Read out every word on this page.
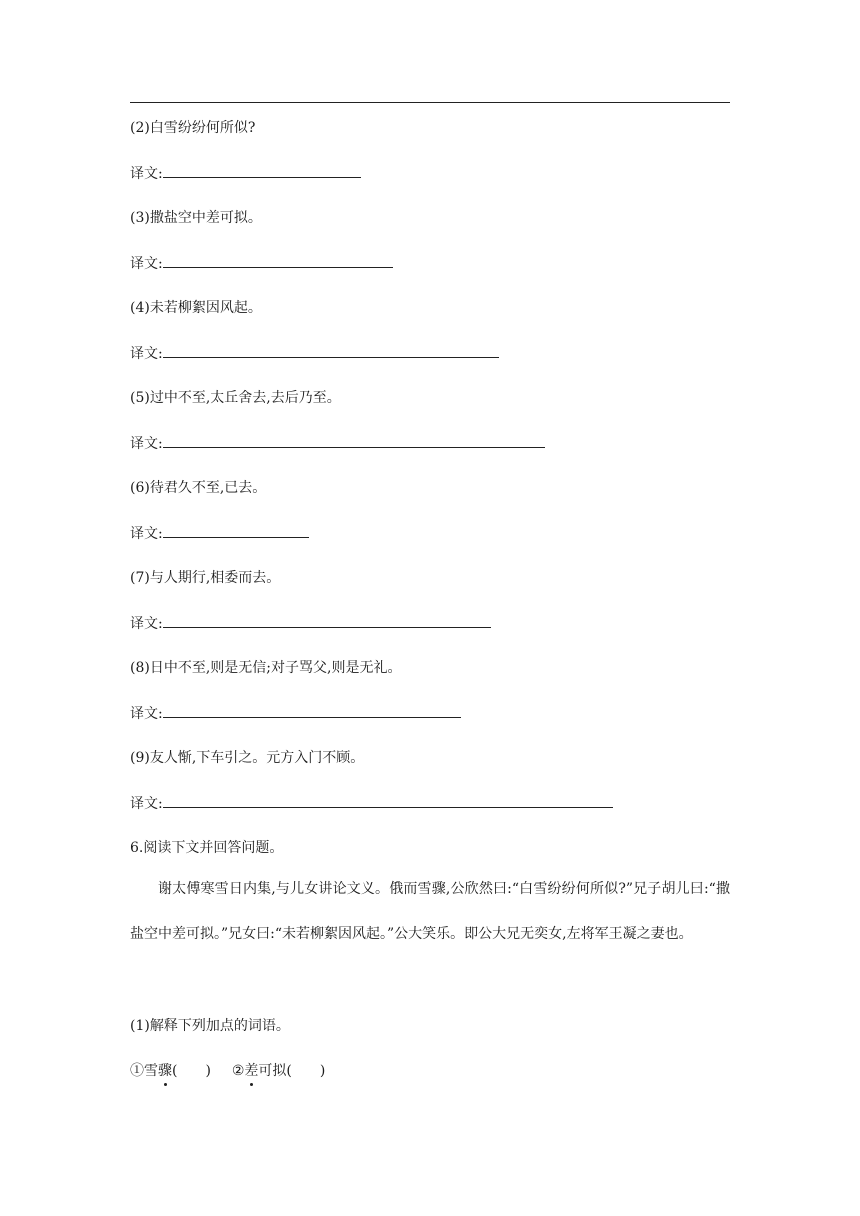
(2)白雪纷纷何所似?
译文:
(3)撒盐空中差可拟。
译文:
(4)未若柳絮因风起。
译文:
(5)过中不至,太丘舍去,去后乃至。
译文:
(6)待君久不至,已去。
译文:
(7)与人期行,相委而去。
译文:
(8)日中不至,则是无信;对子骂父,则是无礼。
译文:
(9)友人惭,下车引之。元方入门不顾。
译文:
6.阅读下文并回答问题。
谢太傅寒雪日内集,与儿女讲论文义。俄而雪骤,公欣然曰:“白雪纷纷何所似?”兄子胡儿曰:“撒盐空中差可拟。”兄女曰:“未若柳絮因风起。”公大笑乐。即公大兄无奕女,左将军王凝之妻也。
(1)解释下列加点的词语。
①雪骤(　　) ②差可拟(　　)
